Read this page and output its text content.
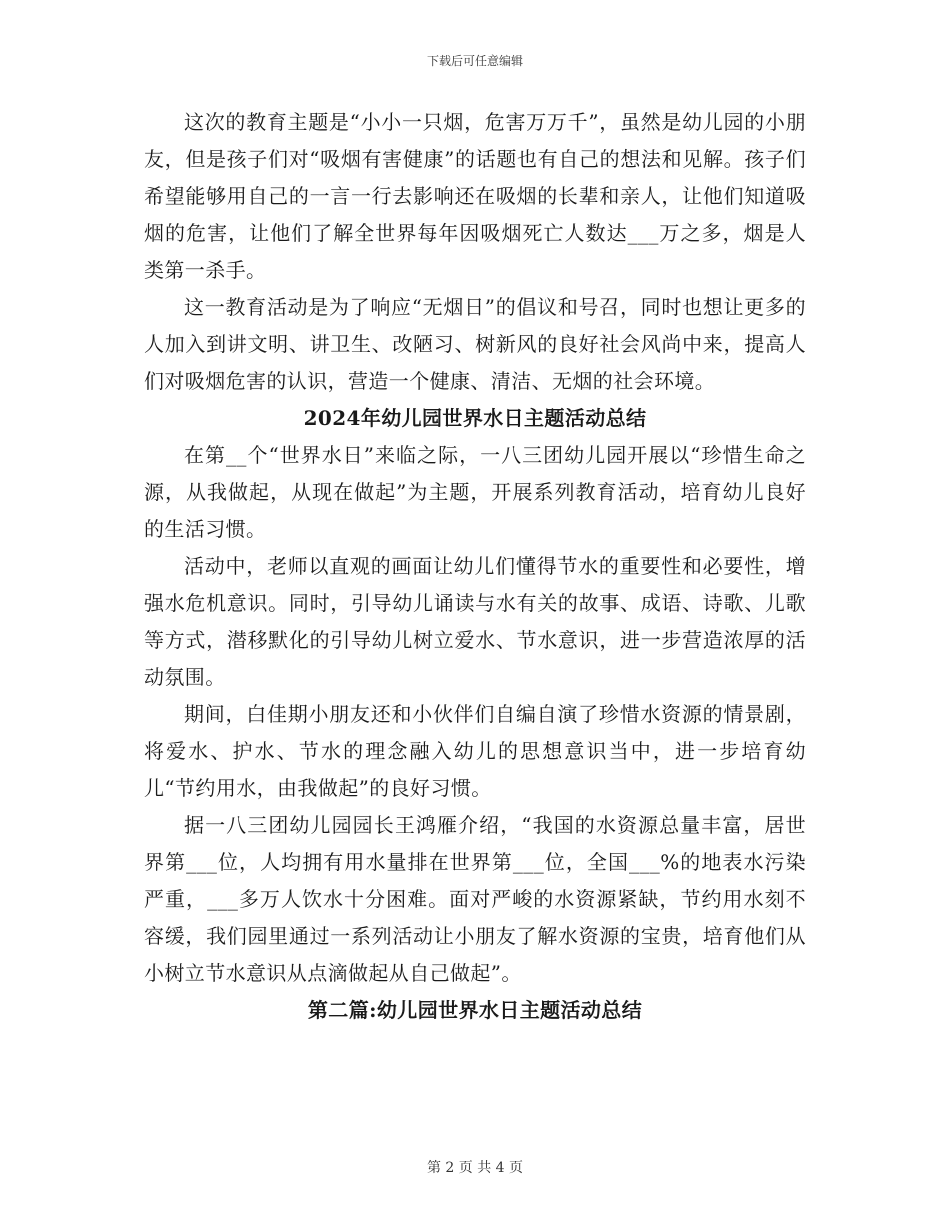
下载后可任意编辑

这次的教育主题是“小小一只烟，危害万万千”，虽然是幼儿园的小朋友，但是孩子们对“吸烟有害健康”的话题也有自己的想法和见解。孩子们希望能够用自己的一言一行去影响还在吸烟的长辈和亲人，让他们知道吸烟的危害，让他们了解全世界每年因吸烟死亡人数达___万之多，烟是人类第一杀手。

这一教育活动是为了响应“无烟日”的倡议和号召，同时也想让更多的人加入到讲文明、讲卫生、改陋习、树新风的良好社会风尚中来，提高人们对吸烟危害的认识，营造一个健康、清洁、无烟的社会环境。

2024年幼儿园世界水日主题活动总结

在第__个“世界水日”来临之际，一八三团幼儿园开展以“珍惜生命之源，从我做起，从现在做起”为主题，开展系列教育活动，培育幼儿良好的生活习惯。

活动中，老师以直观的画面让幼儿们懂得节水的重要性和必要性，增强水危机意识。同时，引导幼儿诵读与水有关的故事、成语、诗歌、儿歌等方式，潜移默化的引导幼儿树立爱水、节水意识，进一步营造浓厚的活动氛围。

期间，白佳期小朋友还和小伙伴们自编自演了珍惜水资源的情景剧，将爱水、护水、节水的理念融入幼儿的思想意识当中，进一步培育幼儿“节约用水，由我做起”的良好习惯。

据一八三团幼儿园园长王鸿雁介绍，“我国的水资源总量丰富，居世界第___位，人均拥有用水量排在世界第___位，全国___%的地表水污染严重，___多万人饮水十分困难。面对严峻的水资源紧缺，节约用水刻不容缓，我们园里通过一系列活动让小朋友了解水资源的宝贵，培育他们从小树立节水意识从点滴做起从自己做起”。

第二篇:幼儿园世界水日主题活动总结

第 2 页 共 4 页
